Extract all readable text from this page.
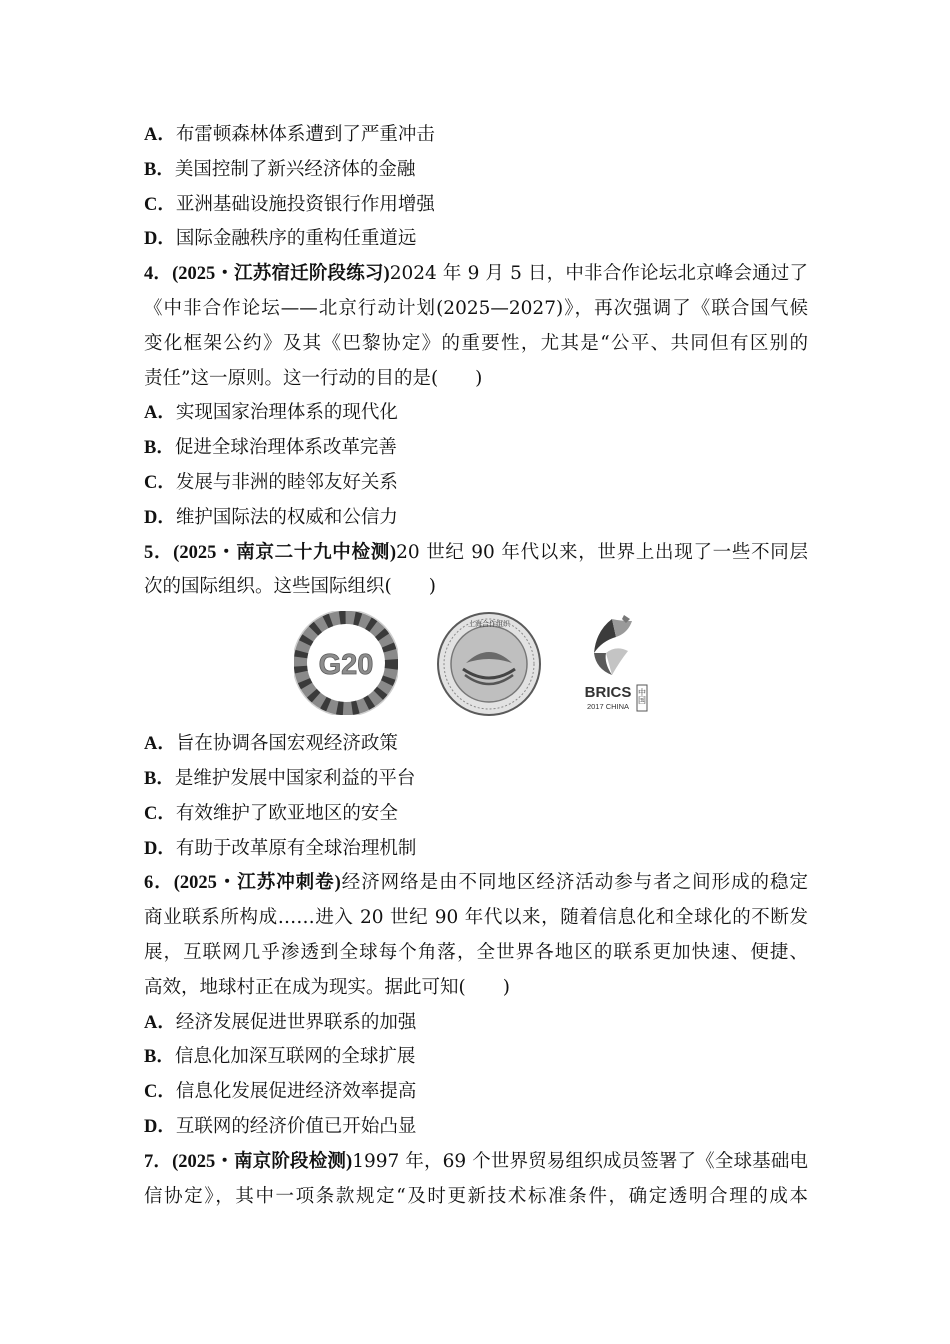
A．布雷顿森林体系遭到了严重冲击
B．美国控制了新兴经济体的金融
C．亚洲基础设施投资银行作用增强
D．国际金融秩序的重构任重道远
4．(2025・江苏宿迁阶段练习)2024 年 9 月 5 日，中非合作论坛北京峰会通过了
《中非合作论坛——北京行动计划(2025—2027)》，再次强调了《联合国气候
变化框架公约》及其《巴黎协定》的重要性，尤其是“公平、共同但有区别的
责任”这一原则。这一行动的目的是(　　)
A．实现国家治理体系的现代化
B．促进全球治理体系改革完善
C．发展与非洲的睦邻友好关系
D．维护国际法的权威和公信力
5．(2025・南京二十九中检测)20 世纪 90 年代以来，世界上出现了一些不同层
次的国际组织。这些国际组织(　　)
G20
上海合作组织
BRICS
2017 CHINA
中国
A．旨在协调各国宏观经济政策
B．是维护发展中国家利益的平台
C．有效维护了欧亚地区的安全
D．有助于改革原有全球治理机制
6．(2025・江苏冲刺卷)经济网络是由不同地区经济活动参与者之间形成的稳定
商业联系所构成……进入 20 世纪 90 年代以来，随着信息化和全球化的不断发
展，互联网几乎渗透到全球每个角落，全世界各地区的联系更加快速、便捷、
高效，地球村正在成为现实。据此可知(　　)
A．经济发展促进世界联系的加强
B．信息化加深互联网的全球扩展
C．信息化发展促进经济效率提高
D．互联网的经济价值已开始凸显
7．(2025・南京阶段检测)1997 年，69 个世界贸易组织成员签署了《全球基础电
信协定》，其中一项条款规定“及时更新技术标准条件，确定透明合理的成本
